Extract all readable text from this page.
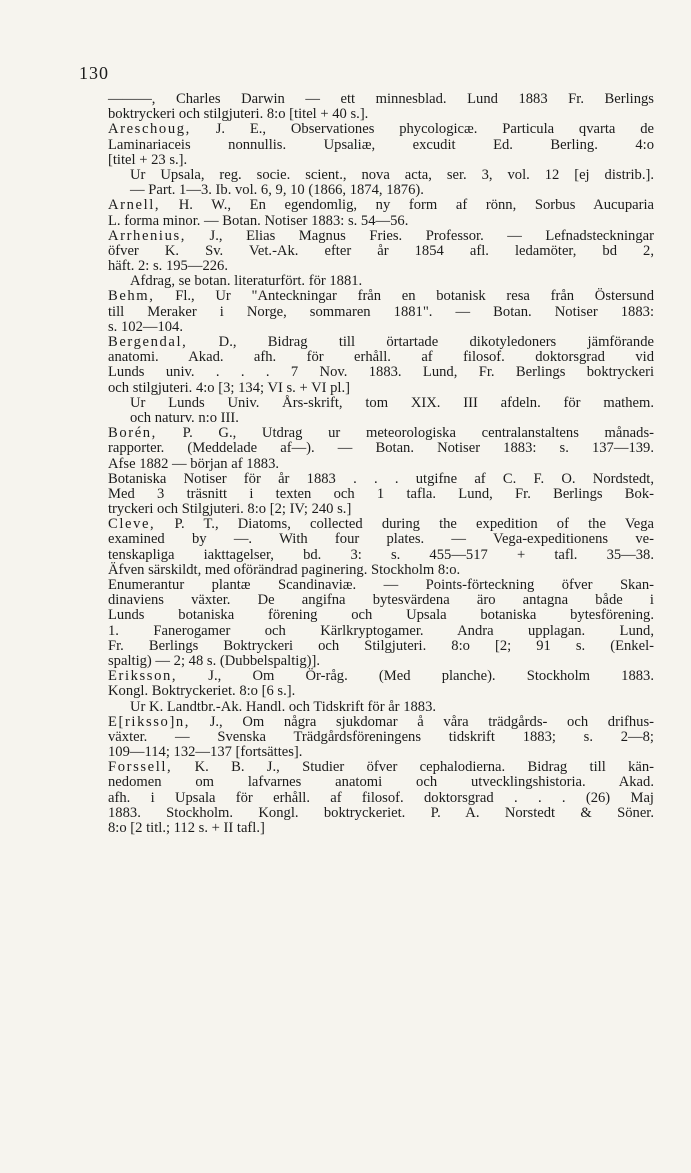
130
———, Charles Darwin — ett minnesblad. Lund 1883 Fr. Berlings
boktryckeri och stilgjuteri. 8:o [titel + 40 s.].
Areschoug, J. E., Observationes phycologicæ. Particula qvarta de
Laminariaceis nonnullis. Upsaliæ, excudit Ed. Berling. 4:o
[titel + 23 s.].
Ur Upsala, reg. socie. scient., nova acta, ser. 3, vol. 12 [ej distrib.].
— Part. 1—3. Ib. vol. 6, 9, 10 (1866, 1874, 1876).
Arnell, H. W., En egendomlig, ny form af rönn, Sorbus Aucuparia
L. forma minor. — Botan. Notiser 1883: s. 54—56.
Arrhenius, J., Elias Magnus Fries. Professor. — Lefnadsteckningar
öfver K. Sv. Vet.-Ak. efter år 1854 afl. ledamöter, bd 2,
häft. 2: s. 195—226.
Afdrag, se botan. literaturfört. för 1881.
Behm, Fl., Ur "Anteckningar från en botanisk resa från Östersund
till Meraker i Norge, sommaren 1881". — Botan. Notiser 1883:
s. 102—104.
Bergendal, D., Bidrag till örtartade dikotyledoners jämförande
anatomi. Akad. afh. för erhåll. af filosof. doktorsgrad vid
Lunds univ. . . . 7 Nov. 1883. Lund, Fr. Berlings boktryckeri
och stilgjuteri. 4:o [3; 134; VI s. + VI pl.]
Ur Lunds Univ. Års-skrift, tom XIX. III afdeln. för mathem.
och naturv. n:o III.
Borén, P. G., Utdrag ur meteorologiska centralanstaltens månads-
rapporter. (Meddelade af—). — Botan. Notiser 1883: s. 137—139.
Afse 1882 — början af 1883.
Botaniska Notiser för år 1883 . . . utgifne af C. F. O. Nordstedt,
Med 3 träsnitt i texten och 1 tafla. Lund, Fr. Berlings Bok-
tryckeri och Stilgjuteri. 8:o [2; IV; 240 s.]
Cleve, P. T., Diatoms, collected during the expedition of the Vega
examined by —. With four plates. — Vega-expeditionens ve-
tenskapliga iakttagelser, bd. 3: s. 455—517 + tafl. 35—38.
Äfven särskildt, med oförändrad paginering. Stockholm 8:o.
Enumerantur plantæ Scandinaviæ. — Points-förteckning öfver Skan-
dinaviens växter. De angifna bytesvärdena äro antagna både i
Lunds botaniska förening och Upsala botaniska bytesförening.
1. Fanerogamer och Kärlkryptogamer. Andra upplagan. Lund,
Fr. Berlings Boktryckeri och Stilgjuteri. 8:o [2; 91 s. (Enkel-
spaltig) — 2; 48 s. (Dubbelspaltig)].
Eriksson, J., Om Ör-råg. (Med planche). Stockholm 1883.
Kongl. Boktryckeriet. 8:o [6 s.].
Ur K. Landtbr.-Ak. Handl. och Tidskrift för år 1883.
E[riksso]n, J., Om några sjukdomar å våra trädgårds- och drifhus-
växter. — Svenska Trädgårdsföreningens tidskrift 1883; s. 2—8;
109—114; 132—137 [fortsättes].
Forssell, K. B. J., Studier öfver cephalodierna. Bidrag till kän-
nedomen om lafvarnes anatomi och utvecklingshistoria. Akad.
afh. i Upsala för erhåll. af filosof. doktorsgrad . . . (26) Maj
1883. Stockholm. Kongl. boktryckeriet. P. A. Norstedt & Söner.
8:o [2 titl.; 112 s. + II tafl.]
